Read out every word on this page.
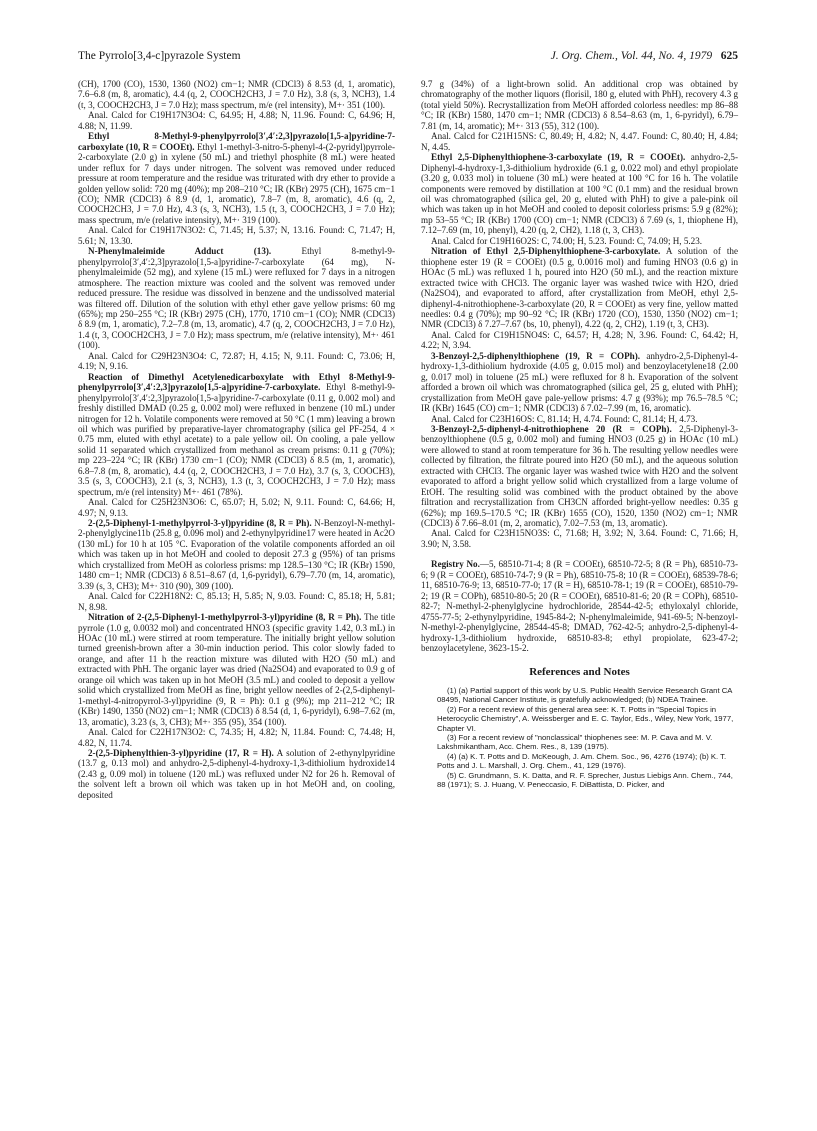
The Pyrrolo[3,4-c]pyrazole System	J. Org. Chem., Vol. 44, No. 4, 1979 625

(CH), 1700 (CO), 1530, 1360 (NO2) cm−1; NMR (CDCl3) δ 8.53 (d, 1, aromatic), 7.6–6.8 (m, 8, aromatic), 4.4 (q, 2, COOCH2CH3, J = 7.0 Hz), 3.8 (s, 3, NCH3), 1.4 (t, 3, COOCH2CH3, J = 7.0 Hz); mass spectrum, m/e (rel intensity), M+· 351 (100).

Anal. Calcd for C19H17N3O4: C, 64.95; H, 4.88; N, 11.96. Found: C, 64.96; H, 4.88; N, 11.99.

Ethyl 8-Methyl-9-phenylpyrrolo[3′,4′:2,3]pyrazolo[1,5-a]pyridine-7-carboxylate (10, R = COOEt). Ethyl 1-methyl-3-nitro-5-phenyl-4-(2-pyridyl)pyrrole-2-carboxylate (2.0 g) in xylene (50 mL) and triethyl phosphite (8 mL) were heated under reflux for 7 days under nitrogen. The solvent was removed under reduced pressure at room temperature and the residue was triturated with dry ether to provide a golden yellow solid: 720 mg (40%); mp 208–210 °C; IR (KBr) 2975 (CH), 1675 cm−1 (CO); NMR (CDCl3) δ 8.9 (d, 1, aromatic), 7.8–7 (m, 8, aromatic), 4.6 (q, 2, COOCH2CH3, J = 7.0 Hz), 4.3 (s, 3, NCH3), 1.5 (t, 3, COOCH2CH3, J = 7.0 Hz); mass spectrum, m/e (relative intensity), M+· 319 (100).

Anal. Calcd for C19H17N3O2: C, 71.45; H, 5.37; N, 13.16. Found: C, 71.47; H, 5.61; N, 13.30.

N-Phenylmaleimide Adduct (13). Ethyl 8-methyl-9-phenylpyrrolo[3′,4′:2,3]pyrazolo[1,5-a]pyridine-7-carboxylate (64 mg), N-phenylmaleimide (52 mg), and xylene (15 mL) were refluxed for 7 days in a nitrogen atmosphere. The reaction mixture was cooled and the solvent was removed under reduced pressure. The residue was dissolved in benzene and the undissolved material was filtered off. Dilution of the solution with ethyl ether gave yellow prisms: 60 mg (65%); mp 250–255 °C; IR (KBr) 2975 (CH), 1770, 1710 cm−1 (CO); NMR (CDCl3) δ 8.9 (m, 1, aromatic), 7.2–7.8 (m, 13, aromatic), 4.7 (q, 2, COOCH2CH3, J = 7.0 Hz), 1.4 (t, 3, COOCH2CH3, J = 7.0 Hz); mass spectrum, m/e (relative intensity), M+· 461 (100).

Anal. Calcd for C29H23N3O4: C, 72.87; H, 4.15; N, 9.11. Found: C, 73.06; H, 4.19; N, 9.16.

Reaction of Dimethyl Acetylenedicarboxylate with Ethyl 8-Methyl-9-phenylpyrrolo[3′,4′:2,3]pyrazolo[1,5-a]pyridine-7-carboxylate. Ethyl 8-methyl-9-phenylpyrrolo[3′,4′:2,3]pyrazolo[1,5-a]pyridine-7-carboxylate (0.11 g, 0.002 mol) and freshly distilled DMAD (0.25 g, 0.002 mol) were refluxed in benzene (10 mL) under nitrogen for 12 h. Volatile components were removed at 50 °C (1 mm) leaving a brown oil which was purified by preparative-layer chromatography (silica gel PF-254, 4 × 0.75 mm, eluted with ethyl acetate) to a pale yellow oil. On cooling, a pale yellow solid 11 separated which crystallized from methanol as cream prisms: 0.11 g (70%); mp 223–224 °C; IR (KBr) 1730 cm−1 (CO); NMR (CDCl3) δ 8.5 (m, 1, aromatic), 6.8–7.8 (m, 8, aromatic), 4.4 (q, 2, COOCH2CH3, J = 7.0 Hz), 3.7 (s, 3, COOCH3), 3.5 (s, 3, COOCH3), 2.1 (s, 3, NCH3), 1.3 (t, 3, COOCH2CH3, J = 7.0 Hz); mass spectrum, m/e (rel intensity) M+· 461 (78%).

Anal. Calcd for C25H23N3O6: C, 65.07; H, 5.02; N, 9.11. Found: C, 64.66; H, 4.97; N, 9.13.

2-(2,5-Diphenyl-1-methylpyrrol-3-yl)pyridine (8, R = Ph). N-Benzoyl-N-methyl-2-phenylglycine11b (25.8 g, 0.096 mol) and 2-ethynylpyridine17 were heated in Ac2O (130 mL) for 10 h at 105 °C. Evaporation of the volatile components afforded an oil which was taken up in hot MeOH and cooled to deposit 27.3 g (95%) of tan prisms which crystallized from MeOH as colorless prisms: mp 128.5–130 °C; IR (KBr) 1590, 1480 cm−1; NMR (CDCl3) δ 8.51–8.67 (d, 1,6-pyridyl), 6.79–7.70 (m, 14, aromatic), 3.39 (s, 3, CH3); M+· 310 (90), 309 (100).

Anal. Calcd for C22H18N2: C, 85.13; H, 5.85; N, 9.03. Found: C, 85.18; H, 5.81; N, 8.98.

Nitration of 2-(2,5-Diphenyl-1-methylpyrrol-3-yl)pyridine (8, R = Ph). The title pyrrole (1.0 g, 0.0032 mol) and concentrated HNO3 (specific gravity 1.42, 0.3 mL) in HOAc (10 mL) were stirred at room temperature. The initially bright yellow solution turned greenish-brown after a 30-min induction period. This color slowly faded to orange, and after 11 h the reaction mixture was diluted with H2O (50 mL) and extracted with PhH. The organic layer was dried (Na2SO4) and evaporated to 0.9 g of orange oil which was taken up in hot MeOH (3.5 mL) and cooled to deposit a yellow solid which crystallized from MeOH as fine, bright yellow needles of 2-(2,5-diphenyl-1-methyl-4-nitropyrrol-3-yl)pyridine (9, R = Ph): 0.1 g (9%); mp 211–212 °C; IR (KBr) 1490, 1350 (NO2) cm−1; NMR (CDCl3) δ 8.54 (d, 1, 6-pyridyl), 6.98–7.62 (m, 13, aromatic), 3.23 (s, 3, CH3); M+· 355 (95), 354 (100).

Anal. Calcd for C22H17N3O2: C, 74.35; H, 4.82; N, 11.84. Found: C, 74.48; H, 4.82, N, 11.74.

2-(2,5-Diphenylthien-3-yl)pyridine (17, R = H). A solution of 2-ethynylpyridine (13.7 g, 0.13 mol) and anhydro-2,5-diphenyl-4-hydroxy-1,3-dithiolium hydroxide14 (2.43 g, 0.09 mol) in toluene (120 mL) was refluxed under N2 for 26 h. Removal of the solvent left a brown oil which was taken up in hot MeOH and, on cooling, deposited

9.7 g (34%) of a light-brown solid. An additional crop was obtained by chromatography of the mother liquors (florisil, 180 g, eluted with PhH), recovery 4.3 g (total yield 50%). Recrystallization from MeOH afforded colorless needles: mp 86–88 °C; IR (KBr) 1580, 1470 cm−1; NMR (CDCl3) δ 8.54–8.63 (m, 1, 6-pyridyl), 6.79–7.81 (m, 14, aromatic); M+· 313 (55), 312 (100).

Anal. Calcd for C21H15NS: C, 80.49; H, 4.82; N, 4.47. Found: C, 80.40; H, 4.84; N, 4.45.

Ethyl 2,5-Diphenylthiophene-3-carboxylate (19, R = COOEt). anhydro-2,5-Diphenyl-4-hydroxy-1,3-dithiolium hydroxide (6.1 g, 0.022 mol) and ethyl propiolate (3.20 g, 0.033 mol) in toluene (30 mL) were heated at 100 °C for 16 h. The volatile components were removed by distillation at 100 °C (0.1 mm) and the residual brown oil was chromatographed (silica gel, 20 g, eluted with PhH) to give a pale-pink oil which was taken up in hot MeOH and cooled to deposit colorless prisms: 5.9 g (82%); mp 53–55 °C; IR (KBr) 1700 (CO) cm−1; NMR (CDCl3) δ 7.69 (s, 1, thiophene H), 7.12–7.69 (m, 10, phenyl), 4.20 (q, 2, CH2), 1.18 (t, 3, CH3).

Anal. Calcd for C19H16O2S: C, 74.00; H, 5.23. Found: C, 74.09; H, 5.23.

Nitration of Ethyl 2,5-Diphenylthiophene-3-carboxylate. A solution of the thiophene ester 19 (R = COOEt) (0.5 g, 0.0016 mol) and fuming HNO3 (0.6 g) in HOAc (5 mL) was refluxed 1 h, poured into H2O (50 mL), and the reaction mixture extracted twice with CHCl3. The organic layer was washed twice with H2O, dried (Na2SO4), and evaporated to afford, after crystallization from MeOH, ethyl 2,5-diphenyl-4-nitrothiophene-3-carboxylate (20, R = COOEt) as very fine, yellow matted needles: 0.4 g (70%); mp 90–92 °C; IR (KBr) 1720 (CO), 1530, 1350 (NO2) cm−1; NMR (CDCl3) δ 7.27–7.67 (bs, 10, phenyl), 4.22 (q, 2, CH2), 1.19 (t, 3, CH3).

Anal. Calcd for C19H15NO4S: C, 64.57; H, 4.28; N, 3.96. Found: C, 64.42; H, 4.22; N, 3.94.

3-Benzoyl-2,5-diphenylthiophene (19, R = COPh). anhydro-2,5-Diphenyl-4-hydroxy-1,3-dithiolium hydroxide (4.05 g, 0.015 mol) and benzoylacetylene18 (2.00 g, 0.017 mol) in toluene (25 mL) were refluxed for 8 h. Evaporation of the solvent afforded a brown oil which was chromatographed (silica gel, 25 g, eluted with PhH); crystallization from MeOH gave pale-yellow prisms: 4.7 g (93%); mp 76.5–78.5 °C; IR (KBr) 1645 (CO) cm−1; NMR (CDCl3) δ 7.02–7.99 (m, 16, aromatic).

Anal. Calcd for C23H16OS: C, 81.14; H, 4.74. Found: C, 81.14; H, 4.73.

3-Benzoyl-2,5-diphenyl-4-nitrothiophene 20 (R = COPh). 2,5-Diphenyl-3-benzoylthiophene (0.5 g, 0.002 mol) and fuming HNO3 (0.25 g) in HOAc (10 mL) were allowed to stand at room temperature for 36 h. The resulting yellow needles were collected by filtration, the filtrate poured into H2O (50 mL), and the aqueous solution extracted with CHCl3. The organic layer was washed twice with H2O and the solvent evaporated to afford a bright yellow solid which crystallized from a large volume of EtOH. The resulting solid was combined with the product obtained by the above filtration and recrystallization from CH3CN afforded bright-yellow needles: 0.35 g (62%); mp 169.5–170.5 °C; IR (KBr) 1655 (CO), 1520, 1350 (NO2) cm−1; NMR (CDCl3) δ 7.66–8.01 (m, 2, aromatic), 7.02–7.53 (m, 13, aromatic).

Anal. Calcd for C23H15NO3S: C, 71.68; H, 3.92; N, 3.64. Found: C, 71.66; H, 3.90; N, 3.58.

Registry No.—5, 68510-71-4; 8 (R = COOEt), 68510-72-5; 8 (R = Ph), 68510-73-6; 9 (R = COOEt), 68510-74-7; 9 (R = Ph), 68510-75-8; 10 (R = COOEt), 68539-78-6; 11, 68510-76-9; 13, 68510-77-0; 17 (R = H), 68510-78-1; 19 (R = COOEt), 68510-79-2; 19 (R = COPh), 68510-80-5; 20 (R = COOEt), 68510-81-6; 20 (R = COPh), 68510-82-7; N-methyl-2-phenylglycine hydrochloride, 28544-42-5; ethyloxalyl chloride, 4755-77-5; 2-ethynylpyridine, 1945-84-2; N-phenylmaleimide, 941-69-5; N-benzoyl-N-methyl-2-phenylglycine, 28544-45-8; DMAD, 762-42-5; anhydro-2,5-diphenyl-4-hydroxy-1,3-dithiolium hydroxide, 68510-83-8; ethyl propiolate, 623-47-2; benzoylacetylene, 3623-15-2.

References and Notes

(1) (a) Partial support of this work by U.S. Public Health Service Research Grant CA 08495, National Cancer Institute, is gratefully acknowledged; (b) NDEA Trainee.

(2) For a recent review of this general area see: K. T. Potts in "Special Topics in Heterocyclic Chemistry", A. Weissberger and E. C. Taylor, Eds., Wiley, New York, 1977, Chapter VI.

(3) For a recent review of "nonclassical" thiophenes see: M. P. Cava and M. V. Lakshmikantham, Acc. Chem. Res., 8, 139 (1975).

(4) (a) K. T. Potts and D. McKeough, J. Am. Chem. Soc., 96, 4276 (1974); (b) K. T. Potts and J. L. Marshall, J. Org. Chem., 41, 129 (1976).

(5) C. Grundmann, S. K. Datta, and R. F. Sprecher, Justus Liebigs Ann. Chem., 744, 88 (1971); S. J. Huang, V. Peneccasio, F. DiBattista, D. Picker, and
